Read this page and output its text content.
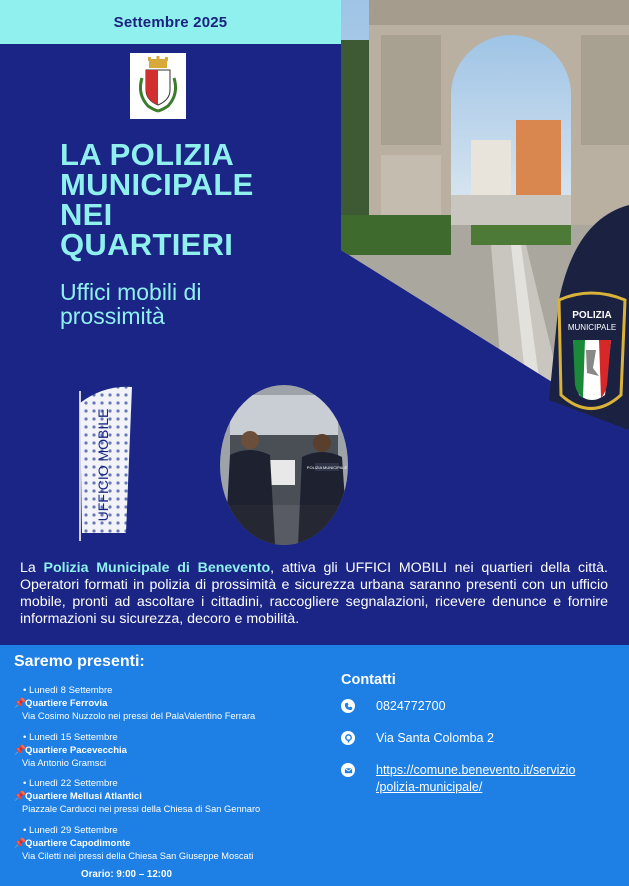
Settembre 2025
POLIZIA
MUNICIPALE
LA POLIZIA
MUNICIPALE
NEI
QUARTIERI
Uffici mobili di
prossimità
UFFICIO MOBILE	POLIZIA MUNICIPALE

La Polizia Municipale di Benevento, attiva gli UFFICI MOBILI nei quartieri della città. Operatori formati in polizia di prossimità e sicurezza urbana saranno presenti con un ufficio mobile, pronti ad ascoltare i cittadini, raccogliere segnalazioni, ricevere denunce e fornire informazioni su sicurezza, decoro e mobilità.

Saremo presenti:
• Lunedì 8 Settembre
📌 Quartiere Ferrovia
Via Cosimo Nuzzolo nei pressi del PalaValentino Ferrara
• Lunedì 15 Settembre
📌 Quartiere Pacevecchia
Via Antonio Gramsci
• Lunedì 22 Settembre
📌 Quartiere Mellusi Atlantici
Piazzale Carducci nei pressi della Chiesa di San Gennaro
• Lunedì 29 Settembre
📌 Quartiere Capodimonte
Via Ciletti nei pressi della Chiesa San Giuseppe Moscati
Orario: 9:00 – 12:00
Contatti
0824772700
Via Santa Colomba 2
https://comune.benevento.it/servizio
/polizia-municipale/
